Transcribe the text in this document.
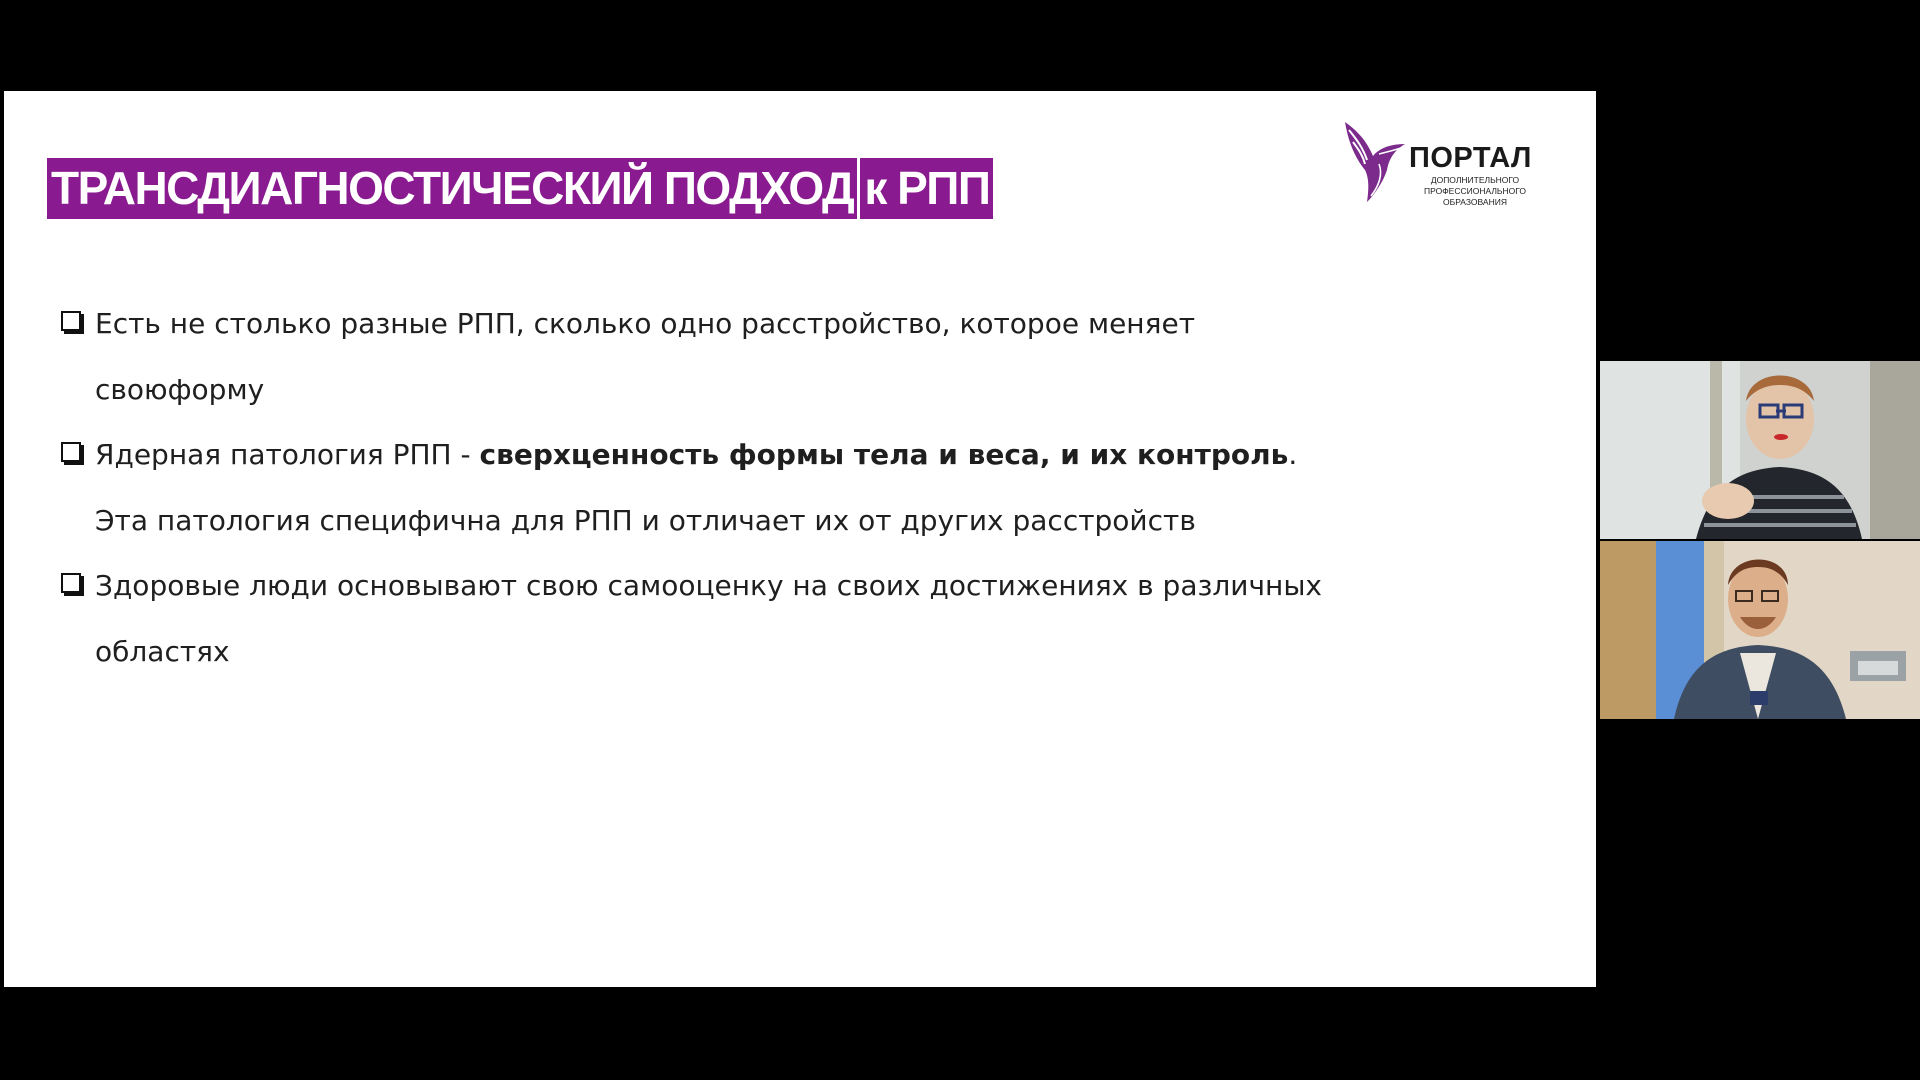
ТРАНСДИАГНОСТИЧЕСКИЙ ПОДХОД к РПП
ПОРТАЛ
ДОПОЛНИТЕЛЬНОГО
ПРОФЕССИОНАЛЬНОГО
ОБРАЗОВАНИЯ
Есть не столько разные РПП, сколько одно расстройство, которое меняет своюформу
Ядерная патология РПП - сверхценность формы тела и веса, и их контроль. Эта патология специфична для РПП и отличает их от других расстройств
Здоровые люди основывают свою самооценку на своих достижениях в различных областях
